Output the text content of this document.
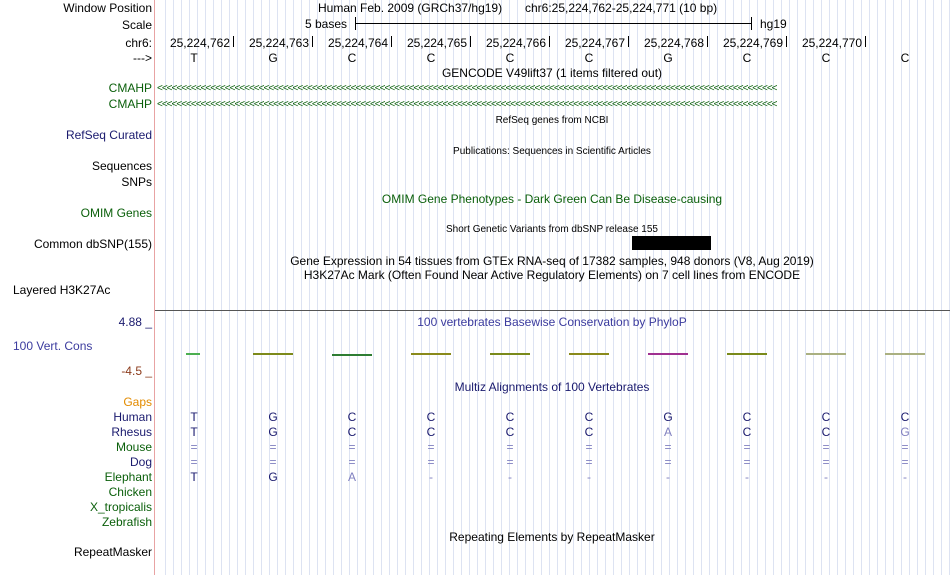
Window Position	Human Feb. 2009 (GRCh37/hg19) chr6:25,224,762-25,224,771 (10 bp)
Scale	5 bases	hg19
chr6: 25,224,762 25,224,763 25,224,764 25,224,765 25,224,766 25,224,767 25,224,768 25,224,769 25,224,770
--->	T	G	C	C	C	C	G	C	C	C
GENCODE V49lift37 (1 items filtered out)
CMAHP <<<<<<<<<<<<<<<<<<<<<<<<<<<<<<<<<<<<<<<<<<<<<<<<<<<<<<<<<<<<<<<<<<<<<<<<<<<<<<<<<<<<<<<<<<<<<<<<<<<<<<<<<<<<<<<<<<<<<<<<<<<<<<<<
CMAHP <<<<<<<<<<<<<<<<<<<<<<<<<<<<<<<<<<<<<<<<<<<<<<<<<<<<<<<<<<<<<<<<<<<<<<<<<<<<<<<<<<<<<<<<<<<<<<<<<<<<<<<<<<<<<<<<<<<<<<<<<<<<<<<<
RefSeq genes from NCBI
RefSeq Curated
Publications: Sequences in Scientific Articles
Sequences
SNPs
OMIM Gene Phenotypes - Dark Green Can Be Disease-causing
OMIM Genes
Short Genetic Variants from dbSNP release 155
Common dbSNP(155)
Gene Expression in 54 tissues from GTEx RNA-seq of 17382 samples, 948 donors (V8, Aug 2019)
H3K27Ac Mark (Often Found Near Active Regulatory Elements) on 7 cell lines from ENCODE
Layered H3K27Ac
4.88 _	100 vertebrates Basewise Conservation by PhyloP
100 Vert. Cons
-4.5 _
Multiz Alignments of 100 Vertebrates
Gaps
Human	T	G	C	C	C	C	G	C	C	C
Rhesus	T	G	C	C	C	C	A	C	C	G
Mouse	=	=	=	=	=	=	=	=	=	=
Dog	=	=	=	=	=	=	=	=	=	=
Elephant	T	G	A	-	-	-	-	-	-	-
Chicken
X_tropicalis
Zebrafish
Repeating Elements by RepeatMasker
RepeatMasker
